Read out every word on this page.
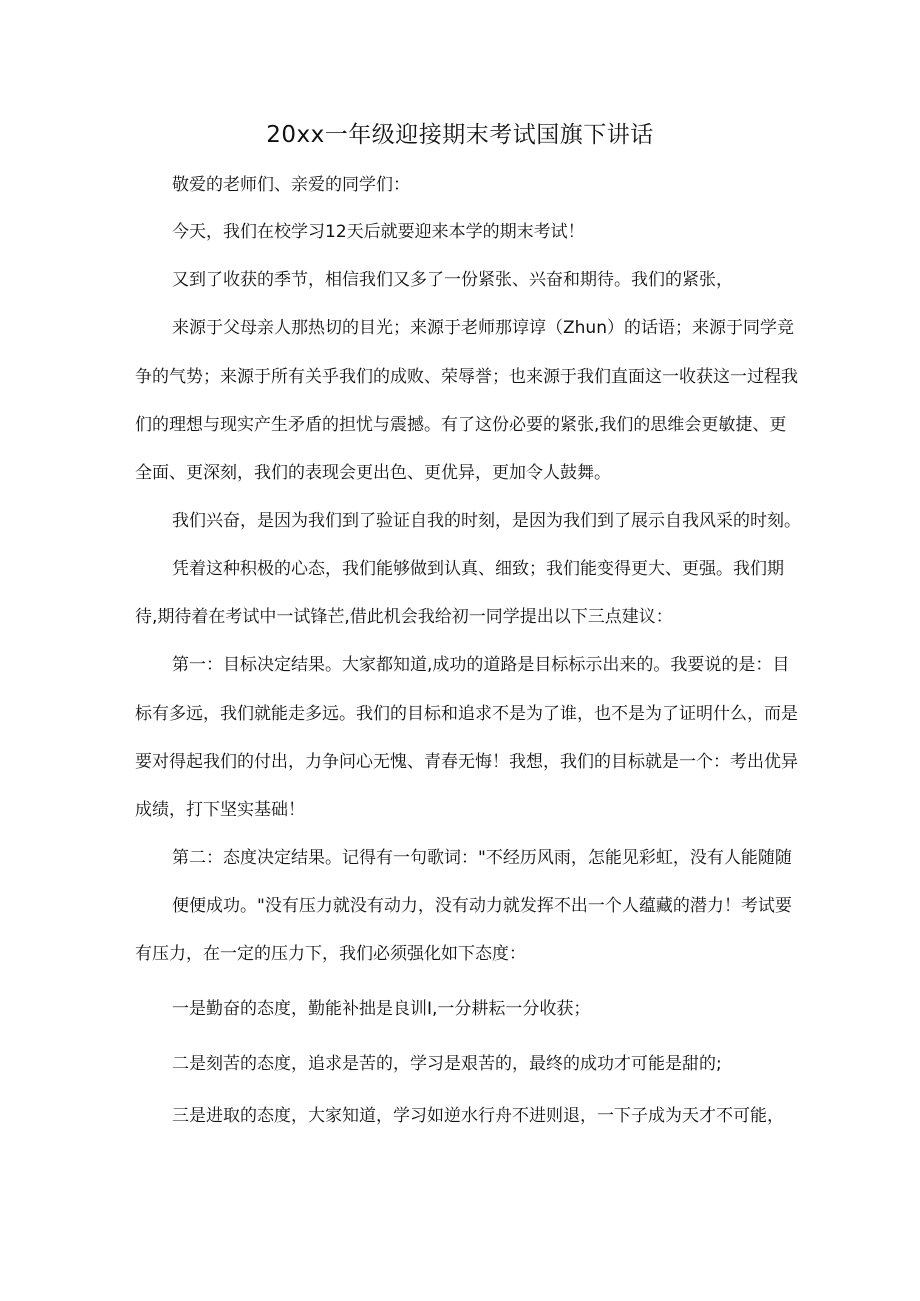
20xx一年级迎接期末考试国旗下讲话

敬爱的老师们、亲爱的同学们：

今天，我们在校学习12天后就要迎来本学的期末考试！

又到了收获的季节，相信我们又多了一份紧张、兴奋和期待。我们的紧张，

来源于父母亲人那热切的目光；来源于老师那谆谆（Zhun）的话语；来源于同学竞

争的气势；来源于所有关乎我们的成败、荣辱誉；也来源于我们直面这一收获这一过程我

们的理想与现实产生矛盾的担忧与震撼。有了这份必要的紧张,我们的思维会更敏捷、更

全面、更深刻，我们的表现会更出色、更优异，更加令人鼓舞。

我们兴奋，是因为我们到了验证自我的时刻，是因为我们到了展示自我风采的时刻。

凭着这种积极的心态，我们能够做到认真、细致；我们能变得更大、更强。我们期

待,期待着在考试中一试锋芒,借此机会我给初一同学提出以下三点建议：

第一：目标决定结果。大家都知道,成功的道路是目标标示出来的。我要说的是：目

标有多远，我们就能走多远。我们的目标和追求不是为了谁，也不是为了证明什么，而是

要对得起我们的付出，力争问心无愧、青春无悔！我想，我们的目标就是一个：考出优异

成绩，打下坚实基础！

第二：态度决定结果。记得有一句歌词："不经历风雨，怎能见彩虹，没有人能随随

便便成功。"没有压力就没有动力，没有动力就发挥不出一个人蕴藏的潜力！考试要

有压力，在一定的压力下，我们必须强化如下态度：

一是勤奋的态度，勤能补拙是良训I,一分耕耘一分收获；

二是刻苦的态度，追求是苦的，学习是艰苦的，最终的成功才可能是甜的;

三是进取的态度，大家知道，学习如逆水行舟不进则退，一下子成为天才不可能，
